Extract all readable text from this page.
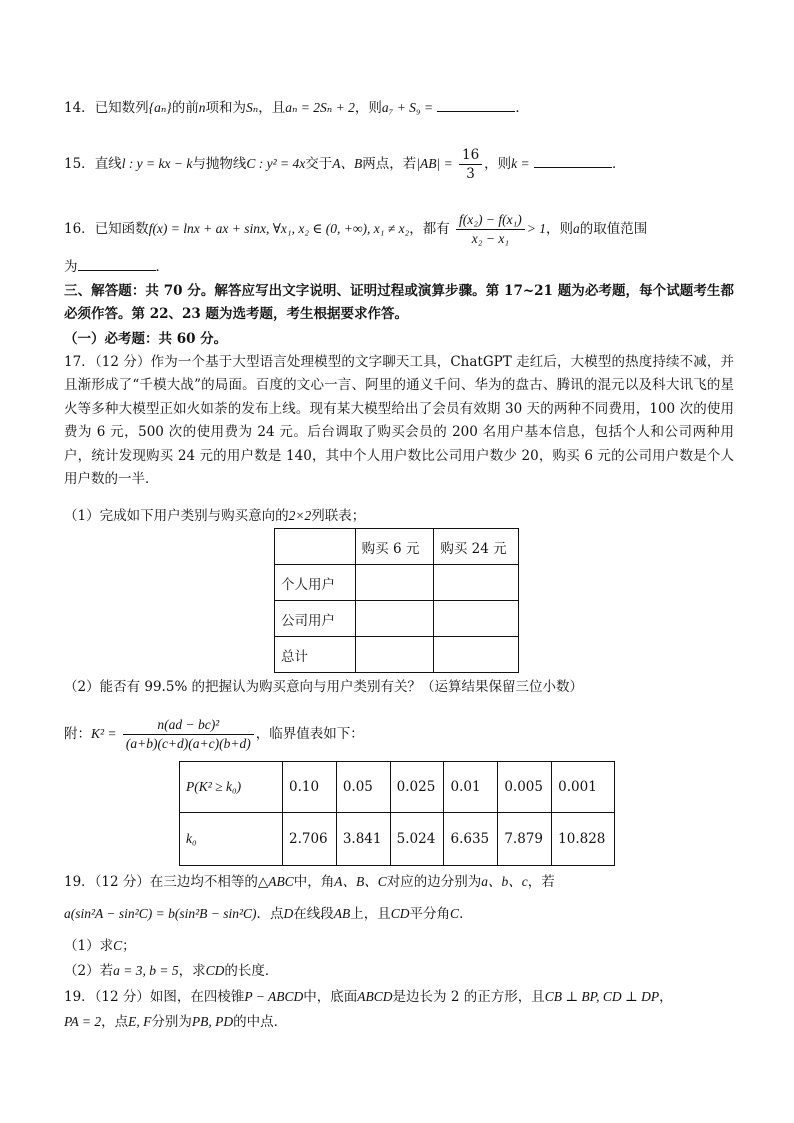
14．已知数列{aₙ}的前n项和为Sₙ，且aₙ = 2Sₙ + 2，则a₇ + S₉ =	．
15．直线l : y = kx − k与抛物线C : y² = 4x交于A、B两点，若$|AB| = \frac{16}{3}$ ，则k =	．
16．已知函数f(x) = lnx + ax + sinx, ∀x₁, x₂ ∈ (0, +∞), x₁ ≠ x₂，都有 $\frac{\text{f(x₂) − f(x₁)}}{\text{x₂ − x₁}} > 1$，则a的取值范围
为	．
三、解答题：共 70 分。解答应写出文字说明、证明过程或演算步骤。第 17~21 题为必考题，每个试题考生都必须作答。第 22、23 题为选考题，考生根据要求作答。
（一）必考题：共 60 分。
17．（12 分）作为一个基于大型语言处理模型的文字聊天工具，ChatGPT 走红后，大模型的热度持续不减，并且渐形成了“千模大战”的局面。百度的文心一言、阿里的通义千问、华为的盘古、腾讯的混元以及科大讯飞的星火等多种大模型正如火如荼的发布上线。现有某大模型给出了会员有效期 30 天的两种不同费用，100 次的使用费为 6 元，500 次的使用费为 24 元。后台调取了购买会员的 200 名用户基本信息，包括个人和公司两种用户，统计发现购买 24 元的用户数是 140，其中个人用户数比公司用户数少 20，购买 6 元的公司用户数是个人用户数的一半．
（1）完成如下用户类别与购买意向的2×2列联表；
	购买 6 元	购买 24 元
个人用户		
公司用户		
总计		
（2）能否有 99.5% 的把握认为购买意向与用户类别有关？（运算结果保留三位小数）
附：$K^2 = \frac{\text{n(ad − bc)²}}{(a+b)(c+d)(a+c)(b+d)}$ ，临界值表如下：
P(K² ≥ k₀)	0.10	0.05	0.025	0.01	0.005	0.001
k₀	2.706	3.841	5.024	6.635	7.879	10.828
19．（12 分）在三边均不相等的△ABC中，角A、B、C对应的边分别为a、b、c，若
a(sin²A − sin²C) = b(sin²B − sin²C)．点D在线段AB上，且CD平分角C．
（1）求C；
（2）若a = 3, b = 5，求CD的长度．
19．（12 分）如图，在四棱锥P − ABCD中，底面ABCD是边长为 2 的正方形，且CB ⊥ BP, CD ⊥ DP，
PA = 2，点E, F分别为PB, PD的中点．
